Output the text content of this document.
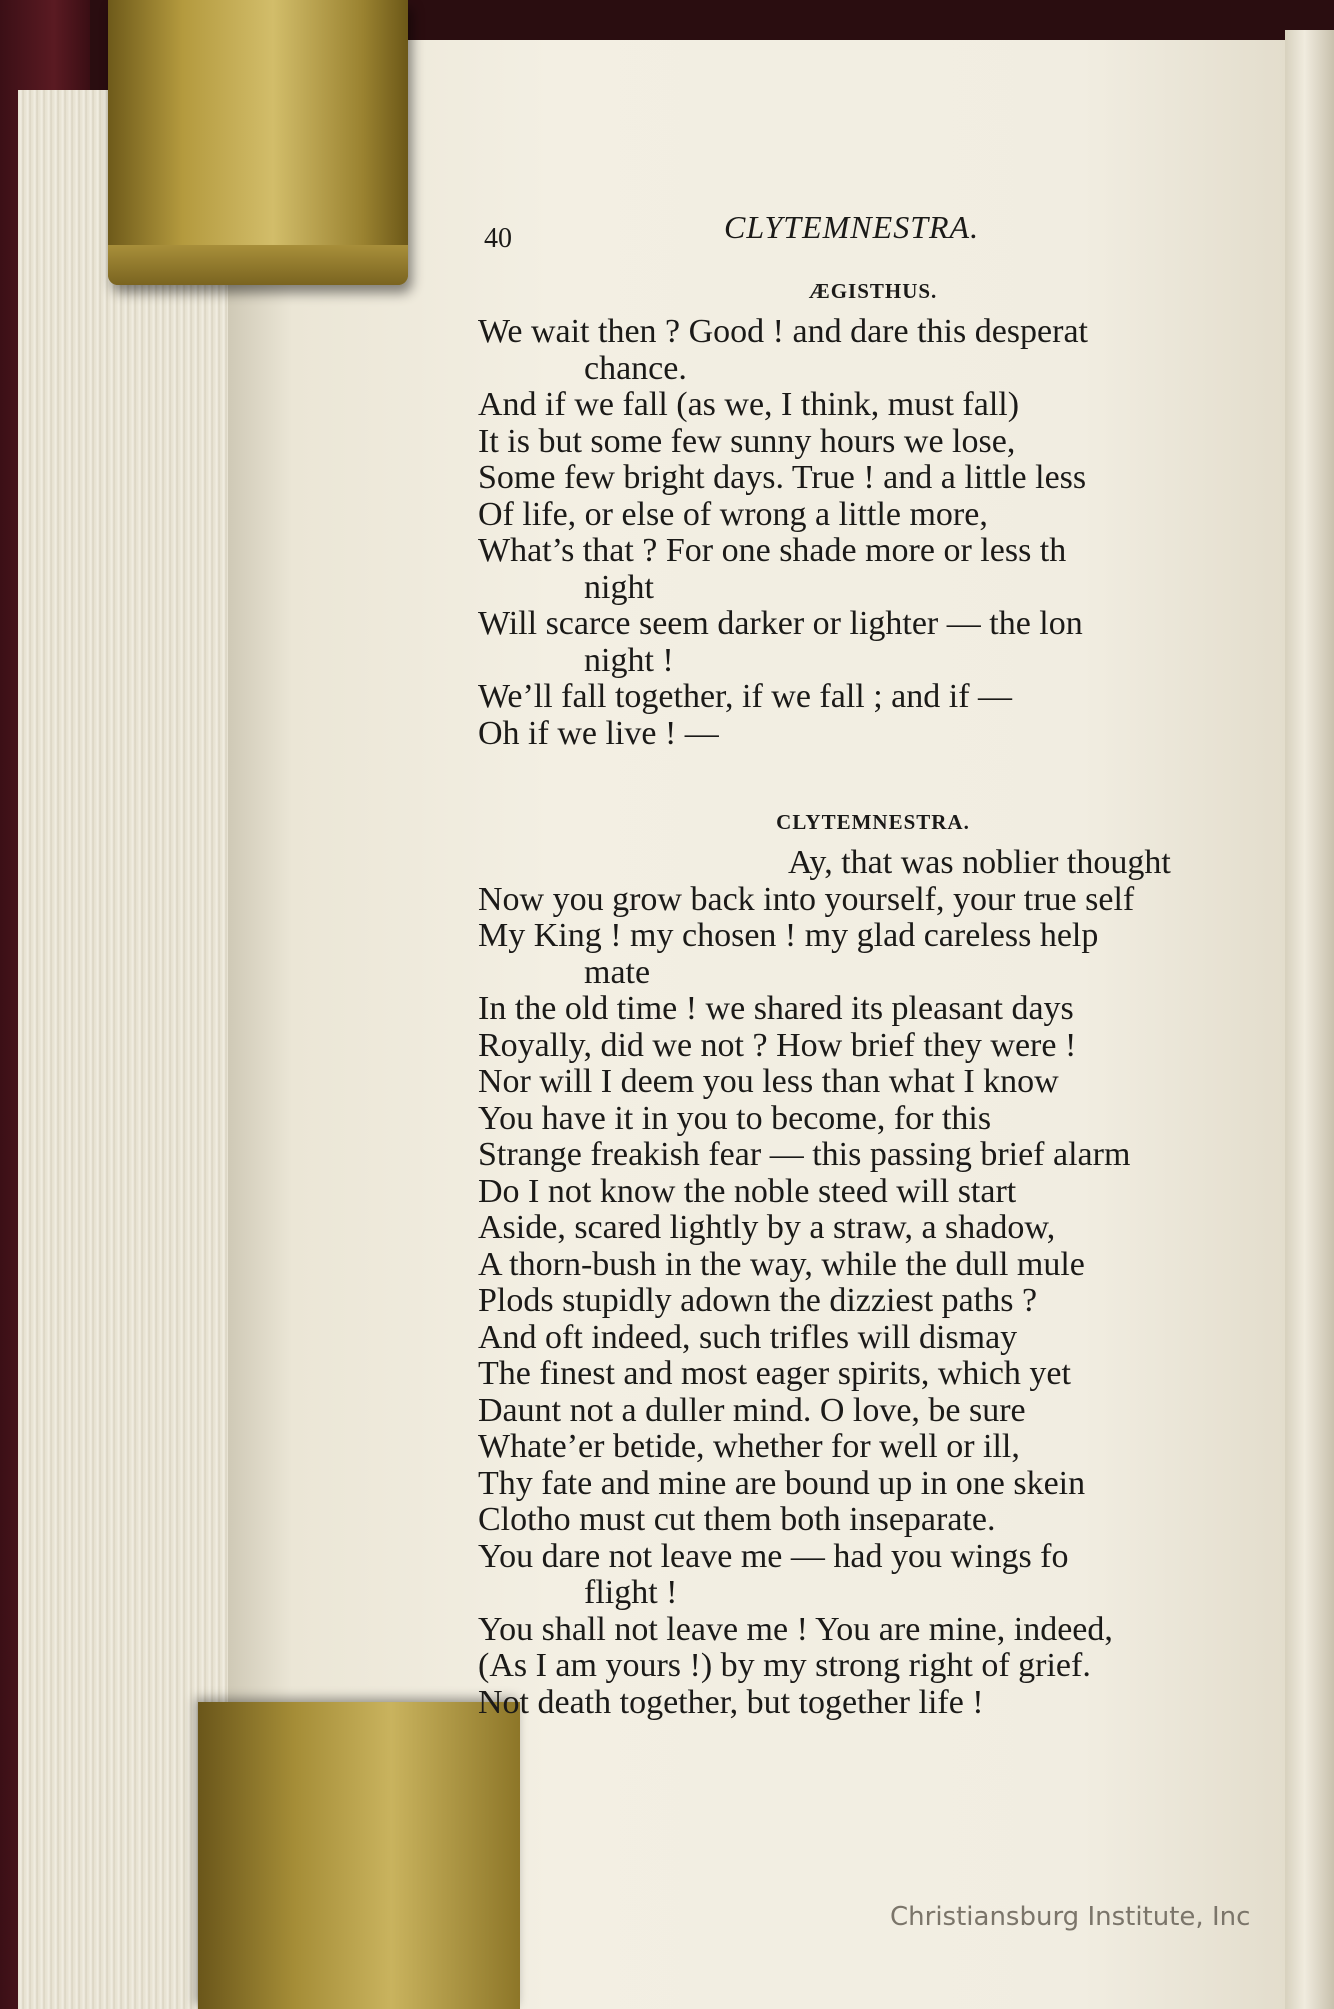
40	CLYTEMNESTRA.
ÆGISTHUS.
We wait then ? Good ! and dare this desperat
chance.
And if we fall (as we, I think, must fall)
It is but some few sunny hours we lose,
Some few bright days. True ! and a little less
Of life, or else of wrong a little more,
What’s that ? For one shade more or less th
night
Will scarce seem darker or lighter — the lon
night !
We’ll fall together, if we fall ; and if —
Oh if we live ! —
CLYTEMNESTRA.
Ay, that was noblier thought
Now you grow back into yourself, your true self
My King ! my chosen ! my glad careless help
mate
In the old time ! we shared its pleasant days
Royally, did we not ? How brief they were !
Nor will I deem you less than what I know
You have it in you to become, for this
Strange freakish fear — this passing brief alarm
Do I not know the noble steed will start
Aside, scared lightly by a straw, a shadow,
A thorn-bush in the way, while the dull mule
Plods stupidly adown the dizziest paths ?
And oft indeed, such trifles will dismay
The finest and most eager spirits, which yet
Daunt not a duller mind. O love, be sure
Whate’er betide, whether for well or ill,
Thy fate and mine are bound up in one skein
Clotho must cut them both inseparate.
You dare not leave me — had you wings fo
flight !
You shall not leave me ! You are mine, indeed,
(As I am yours !) by my strong right of grief.
Not death together, but together life !
Christiansburg Institute, Inc
